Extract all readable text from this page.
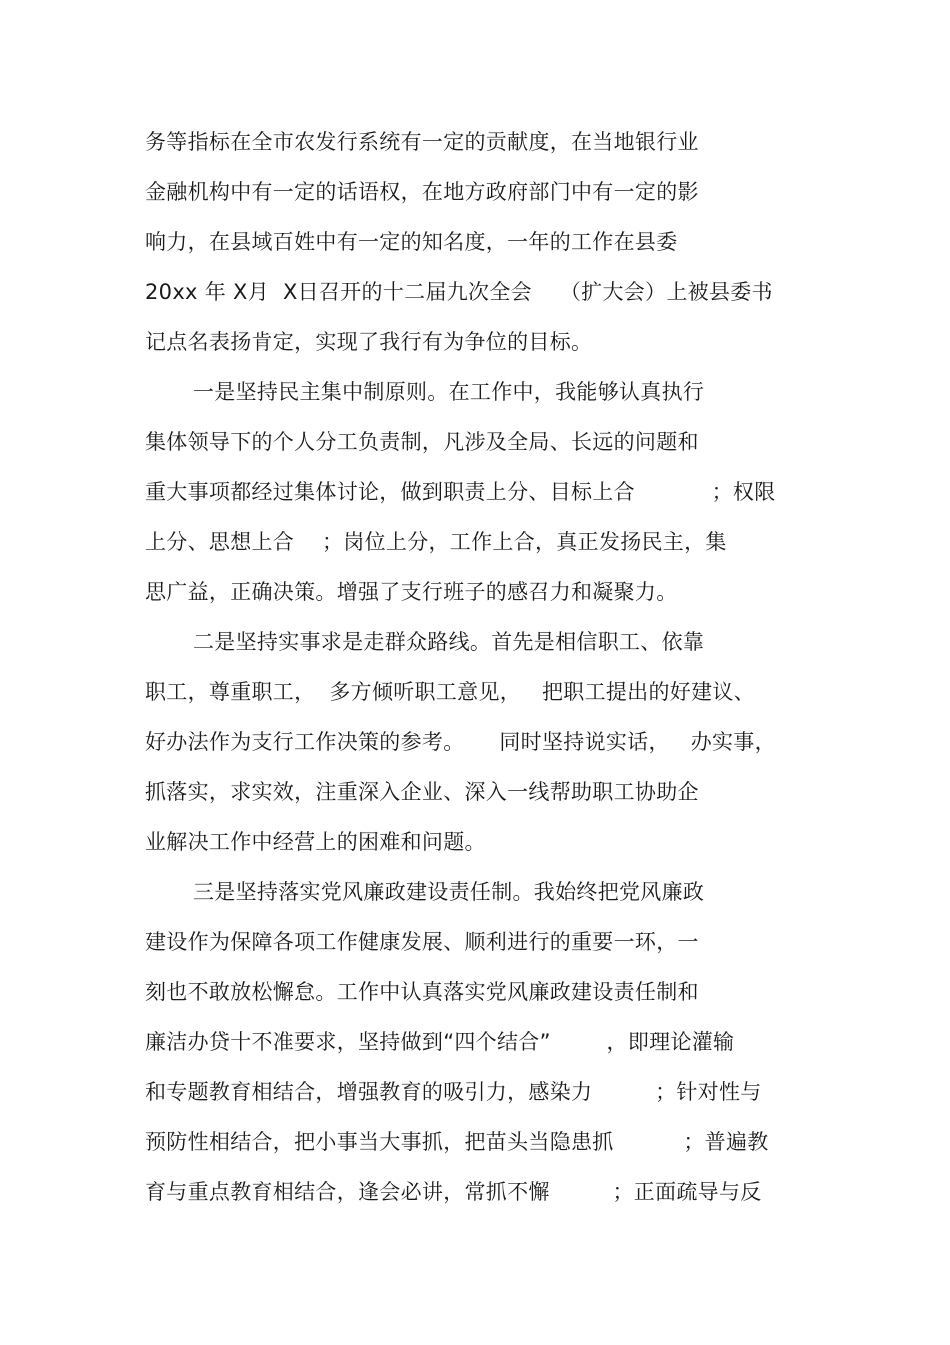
务等指标在全市农发行系统有一定的贡献度，在当地银行业
金融机构中有一定的话语权，在地方政府部门中有一定的影
响力，在县域百姓中有一定的知名度，一年的工作在县委
20xx 年 X月  X日召开的十二届九次全会    （扩大会）上被县委书
记点名表扬肯定，实现了我行有为争位的目标。
一是坚持民主集中制原则。在工作中，我能够认真执行
集体领导下的个人分工负责制，凡涉及全局、长远的问题和
重大事项都经过集体讨论，做到职责上分、目标上合           ；权限
上分、思想上合    ；岗位上分，工作上合，真正发扬民主，集
思广益，正确决策。增强了支行班子的感召力和凝聚力。
二是坚持实事求是走群众路线。首先是相信职工、依靠
职工，尊重职工，  多方倾听职工意见，   把职工提出的好建议、
好办法作为支行工作决策的参考。     同时坚持说实话，   办实事，
抓落实，求实效，注重深入企业、深入一线帮助职工协助企
业解决工作中经营上的困难和问题。
三是坚持落实党风廉政建设责任制。我始终把党风廉政
建设作为保障各项工作健康发展、顺利进行的重要一环，一
刻也不敢放松懈怠。工作中认真落实党风廉政建设责任制和
廉洁办贷十不准要求，坚持做到“四个结合”        ，即理论灌输
和专题教育相结合，增强教育的吸引力，感染力         ；针对性与
预防性相结合，把小事当大事抓，把苗头当隐患抓          ；普遍教
育与重点教育相结合，逢会必讲，常抓不懈         ；正面疏导与反
